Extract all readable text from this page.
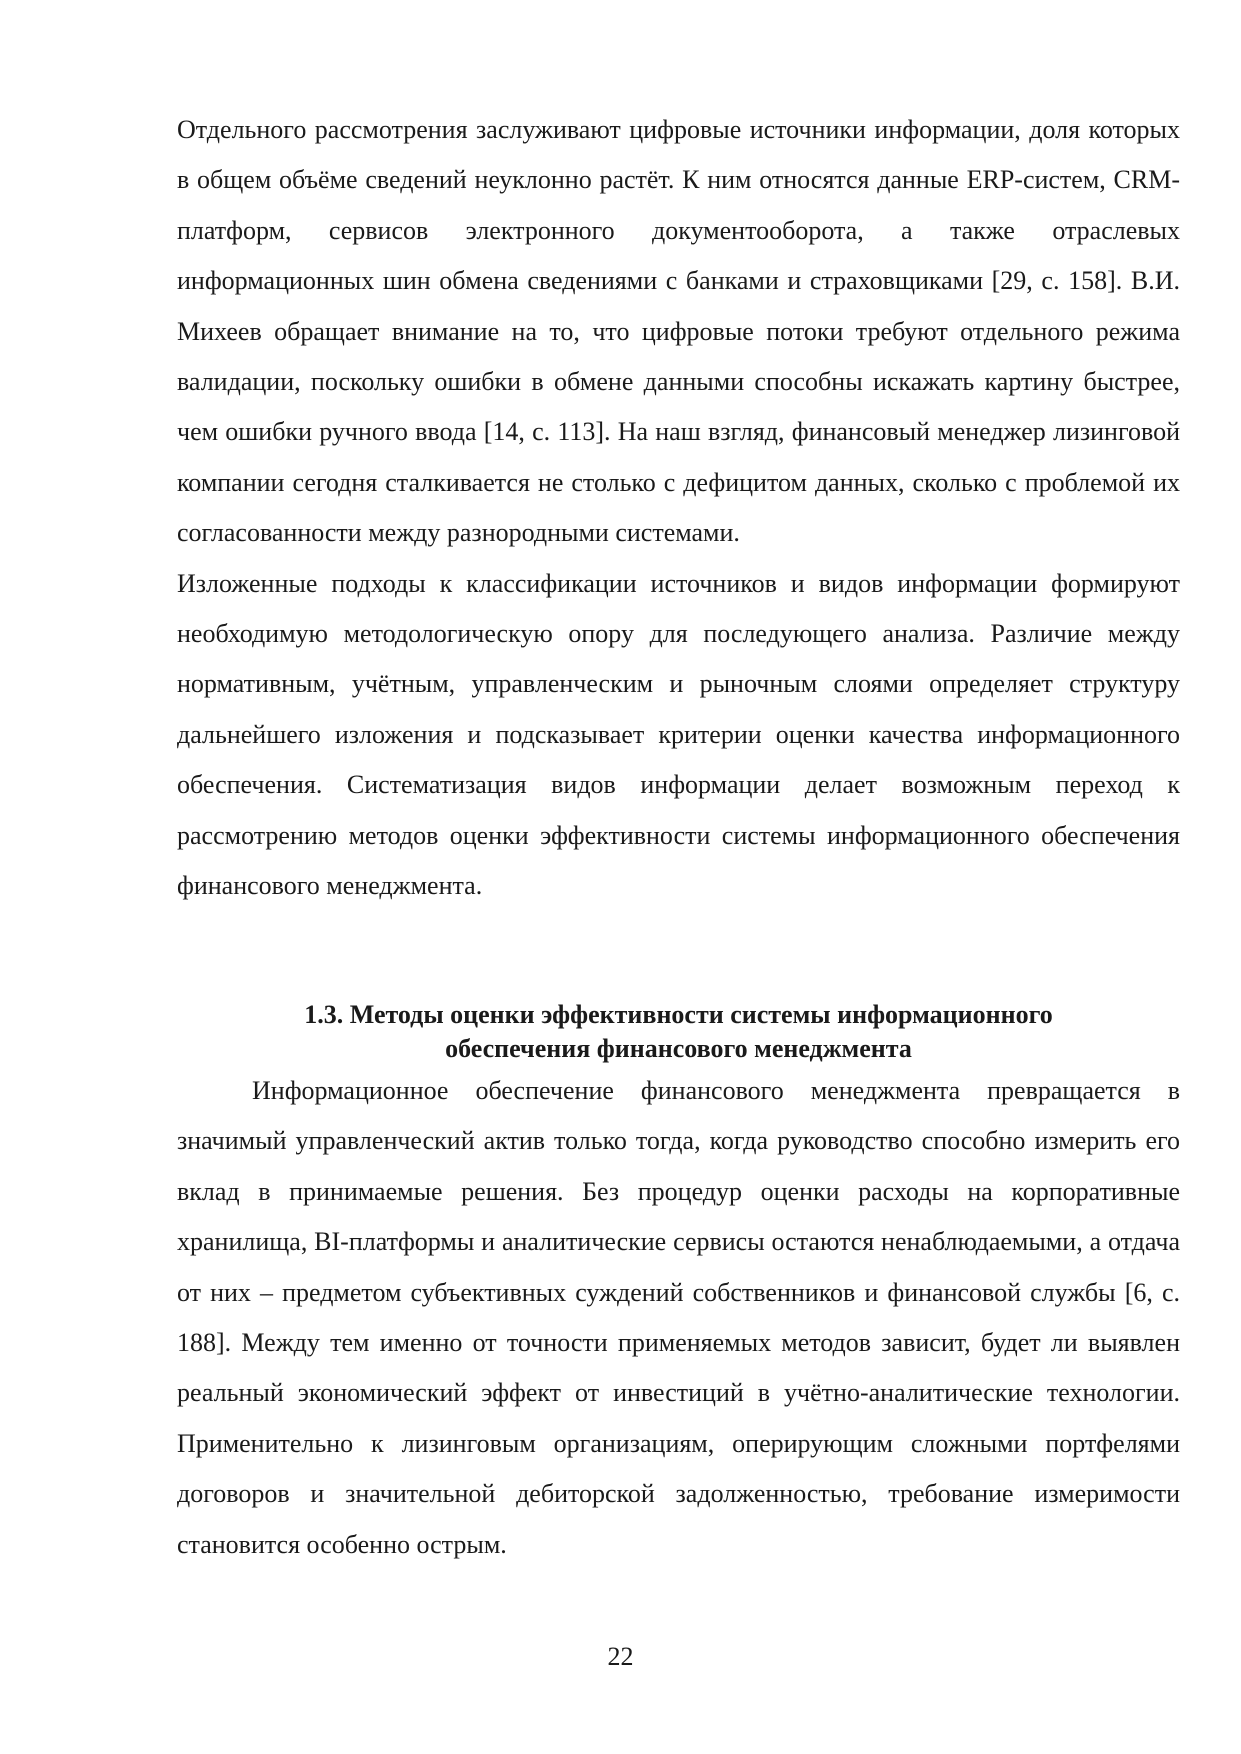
Отдельного рассмотрения заслуживают цифровые источники информации, доля которых в общем объёме сведений неуклонно растёт. К ним относятся данные ERP-систем, CRM-платформ, сервисов электронного документооборота, а также отраслевых информационных шин обмена сведениями с банками и страховщиками [29, с. 158]. В.И. Михеев обращает внимание на то, что цифровые потоки требуют отдельного режима валидации, поскольку ошибки в обмене данными способны искажать картину быстрее, чем ошибки ручного ввода [14, с. 113]. На наш взгляд, финансовый менеджер лизинговой компании сегодня сталкивается не столько с дефицитом данных, сколько с проблемой их согласованности между разнородными системами.

Изложенные подходы к классификации источников и видов информации формируют необходимую методологическую опору для последующего анализа. Различие между нормативным, учётным, управленческим и рыночным слоями определяет структуру дальнейшего изложения и подсказывает критерии оценки качества информационного обеспечения. Систематизация видов информации делает возможным переход к рассмотрению методов оценки эффективности системы информационного обеспечения финансового менеджмента.

1.3. Методы оценки эффективности системы информационного
обеспечения финансового менеджмента

Информационное обеспечение финансового менеджмента превращается в значимый управленческий актив только тогда, когда руководство способно измерить его вклад в принимаемые решения. Без процедур оценки расходы на корпоративные хранилища, BI-платформы и аналитические сервисы остаются ненаблюдаемыми, а отдача от них – предметом субъективных суждений собственников и финансовой службы [6, с. 188]. Между тем именно от точности применяемых методов зависит, будет ли выявлен реальный экономический эффект от инвестиций в учётно-аналитические технологии. Применительно к лизинговым организациям, оперирующим сложными портфелями договоров и значительной дебиторской задолженностью, требование измеримости становится особенно острым.

22
